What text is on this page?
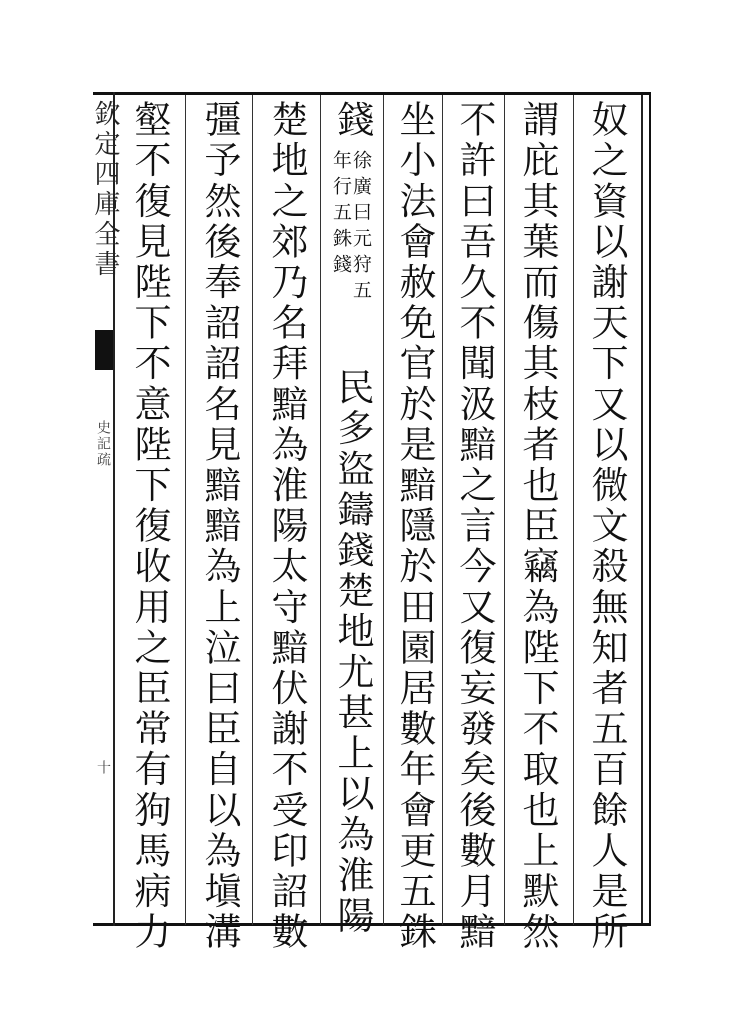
欽定四庫全書
史記疏
十	奴之資以謝天下又以微文殺無知者五百餘人是所
謂庇其葉而傷其枝者也臣竊為陛下不取也上默然
不許曰吾久不聞汲黯之言今又復妄發矣後數月黯
坐小法會赦免官於是黯隱於田園居數年會更五銖
錢
徐廣曰元狩五
年行五銖錢
民多盜鑄錢楚地尤甚上以為淮陽
楚地之郊乃名拜黯為淮陽太守黯伏謝不受印詔數
彊予然後奉詔詔名見黯黯為上泣曰臣自以為塡溝
壑不復見陛下不意陛下復收用之臣常有狗馬病力
